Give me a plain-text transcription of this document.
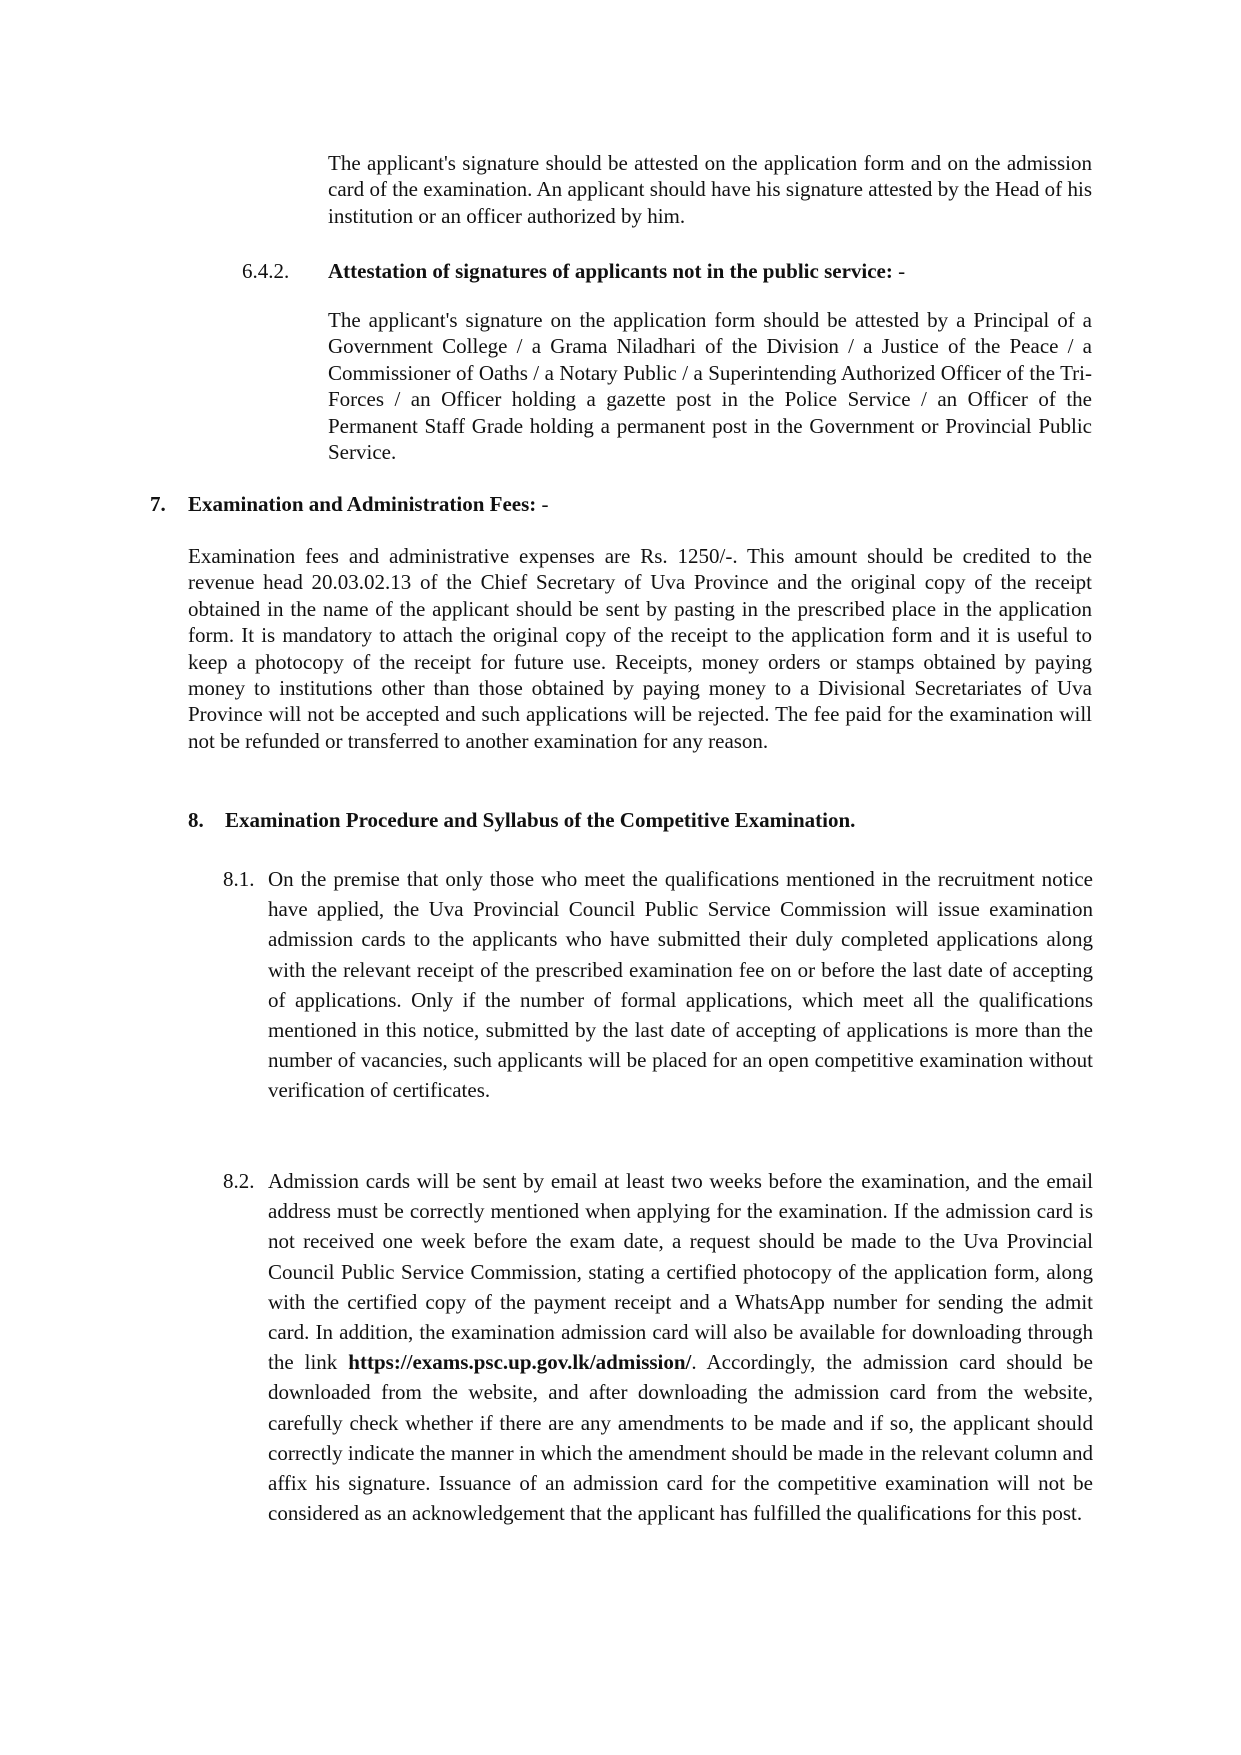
The applicant's signature should be attested on the application form and on the admission card of the examination. An applicant should have his signature attested by the Head of his institution or an officer authorized by him.

6.4.2. Attestation of signatures of applicants not in the public service: -

The applicant's signature on the application form should be attested by a Principal of a Government College / a Grama Niladhari of the Division / a Justice of the Peace / a Commissioner of Oaths / a Notary Public / a Superintending Authorized Officer of the Tri-Forces / an Officer holding a gazette post in the Police Service / an Officer of the Permanent Staff Grade holding a permanent post in the Government or Provincial Public Service.

7. Examination and Administration Fees: -

Examination fees and administrative expenses are Rs. 1250/-. This amount should be credited to the revenue head 20.03.02.13 of the Chief Secretary of Uva Province and the original copy of the receipt obtained in the name of the applicant should be sent by pasting in the prescribed place in the application form. It is mandatory to attach the original copy of the receipt to the application form and it is useful to keep a photocopy of the receipt for future use. Receipts, money orders or stamps obtained by paying money to institutions other than those obtained by paying money to a Divisional Secretariates of Uva Province will not be accepted and such applications will be rejected. The fee paid for the examination will not be refunded or transferred to another examination for any reason.

8. Examination Procedure and Syllabus of the Competitive Examination.
8.1. On the premise that only those who meet the qualifications mentioned in the recruitment notice have applied, the Uva Provincial Council Public Service Commission will issue examination admission cards to the applicants who have submitted their duly completed applications along with the relevant receipt of the prescribed examination fee on or before the last date of accepting of applications. Only if the number of formal applications, which meet all the qualifications mentioned in this notice, submitted by the last date of accepting of applications is more than the number of vacancies, such applicants will be placed for an open competitive examination without verification of certificates.

8.2. Admission cards will be sent by email at least two weeks before the examination, and the email address must be correctly mentioned when applying for the examination. If the admission card is not received one week before the exam date, a request should be made to the Uva Provincial Council Public Service Commission, stating a certified photocopy of the application form, along with the certified copy of the payment receipt and a WhatsApp number for sending the admit card. In addition, the examination admission card will also be available for downloading through the link https://exams.psc.up.gov.lk/admission/. Accordingly, the admission card should be downloaded from the website, and after downloading the admission card from the website, carefully check whether if there are any amendments to be made and if so, the applicant should correctly indicate the manner in which the amendment should be made in the relevant column and affix his signature. Issuance of an admission card for the competitive examination will not be considered as an acknowledgement that the applicant has fulfilled the qualifications for this post.
